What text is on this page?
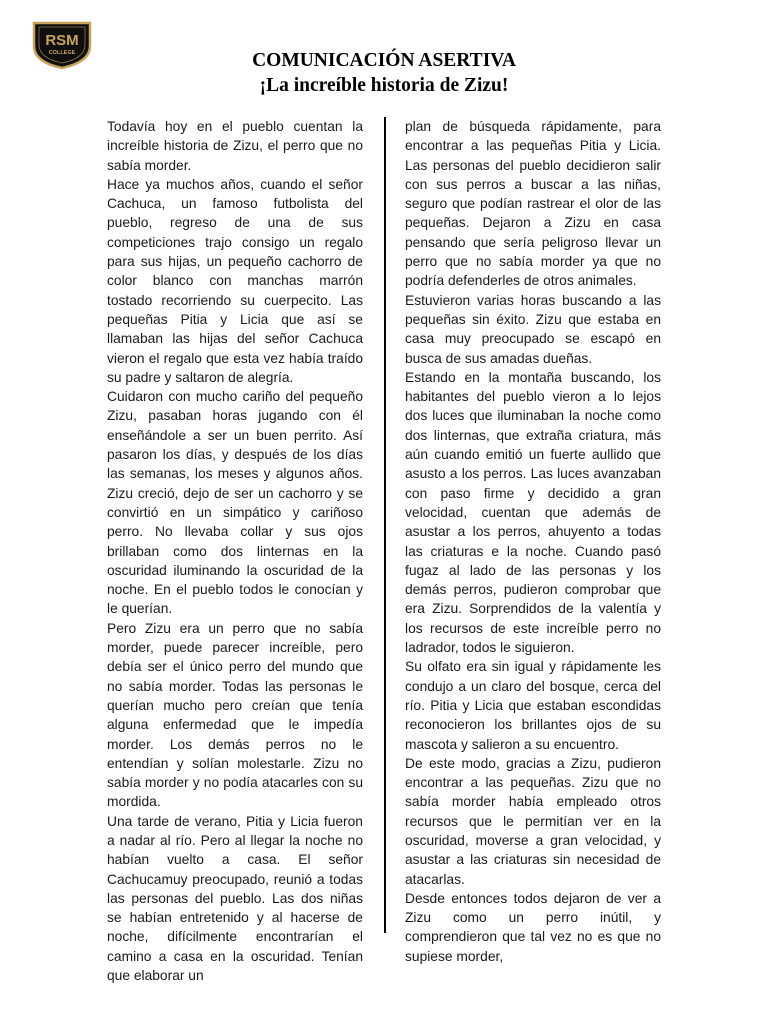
RSM
COLLEGE	COMUNICACIÓN ASERTIVA
¡La increíble historia de Zizu!

Todavía hoy en el pueblo cuentan la increíble historia de Zizu, el perro que no sabía morder.

Hace ya muchos años, cuando el señor Cachuca, un famoso futbolista del pueblo, regreso de una de sus competiciones trajo consigo un regalo para sus hijas, un pequeño cachorro de color blanco con manchas marrón tostado recorriendo su cuerpecito. Las pequeñas Pitia y Licia que así se llamaban las hijas del señor Cachuca vieron el regalo que esta vez había traído su padre y saltaron de alegría.

Cuidaron con mucho cariño del pequeño Zizu, pasaban horas jugando con él enseñándole a ser un buen perrito. Así pasaron los días, y después de los días las semanas, los meses y algunos años. Zizu creció, dejo de ser un cachorro y se convirtió en un simpático y cariñoso perro. No llevaba collar y sus ojos brillaban como dos linternas en la oscuridad iluminando la oscuridad de la noche. En el pueblo todos le conocían y le querían.

Pero Zizu era un perro que no sabía morder, puede parecer increíble, pero debía ser el único perro del mundo que no sabía morder. Todas las personas le querían mucho pero creían que tenía alguna enfermedad que le impedía morder. Los demás perros no le entendían y solían molestarle. Zizu no sabía morder y no podía atacarles con su mordida.

Una tarde de verano, Pitia y Licia fueron a nadar al río. Pero al llegar la noche no habían vuelto a casa. El señor Cachucamuy preocupado, reunió a todas las personas del pueblo. Las dos niñas se habían entretenido y al hacerse de noche, difícilmente encontrarían el camino a casa en la oscuridad. Tenían que elaborar un

plan de búsqueda rápidamente, para encontrar a las pequeñas Pitia y Licia. Las personas del pueblo decidieron salir con sus perros a buscar a las niñas, seguro que podían rastrear el olor de las pequeñas. Dejaron a Zizu en casa pensando que sería peligroso llevar un perro que no sabía morder ya que no podría defenderles de otros animales.

Estuvieron varias horas buscando a las pequeñas sin éxito. Zizu que estaba en casa muy preocupado se escapó en busca de sus amadas dueñas.

Estando en la montaña buscando, los habitantes del pueblo vieron a lo lejos dos luces que iluminaban la noche como dos linternas, que extraña criatura, más aún cuando emitió un fuerte aullido que asusto a los perros. Las luces avanzaban con paso firme y decidido a gran velocidad, cuentan que además de asustar a los perros, ahuyento a todas las criaturas e la noche. Cuando pasó fugaz al lado de las personas y los demás perros, pudieron comprobar que era Zizu. Sorprendidos de la valentía y los recursos de este increíble perro no ladrador, todos le siguieron.

Su olfato era sin igual y rápidamente les condujo a un claro del bosque, cerca del río. Pitia y Licia que estaban escondidas reconocieron los brillantes ojos de su mascota y salieron a su encuentro.

De este modo, gracias a Zizu, pudieron encontrar a las pequeñas. Zizu que no sabía morder había empleado otros recursos que le permitían ver en la oscuridad, moverse a gran velocidad, y asustar a las criaturas sin necesidad de atacarlas.

Desde entonces todos dejaron de ver a Zizu como un perro inútil, y comprendieron que tal vez no es que no supiese morder,
